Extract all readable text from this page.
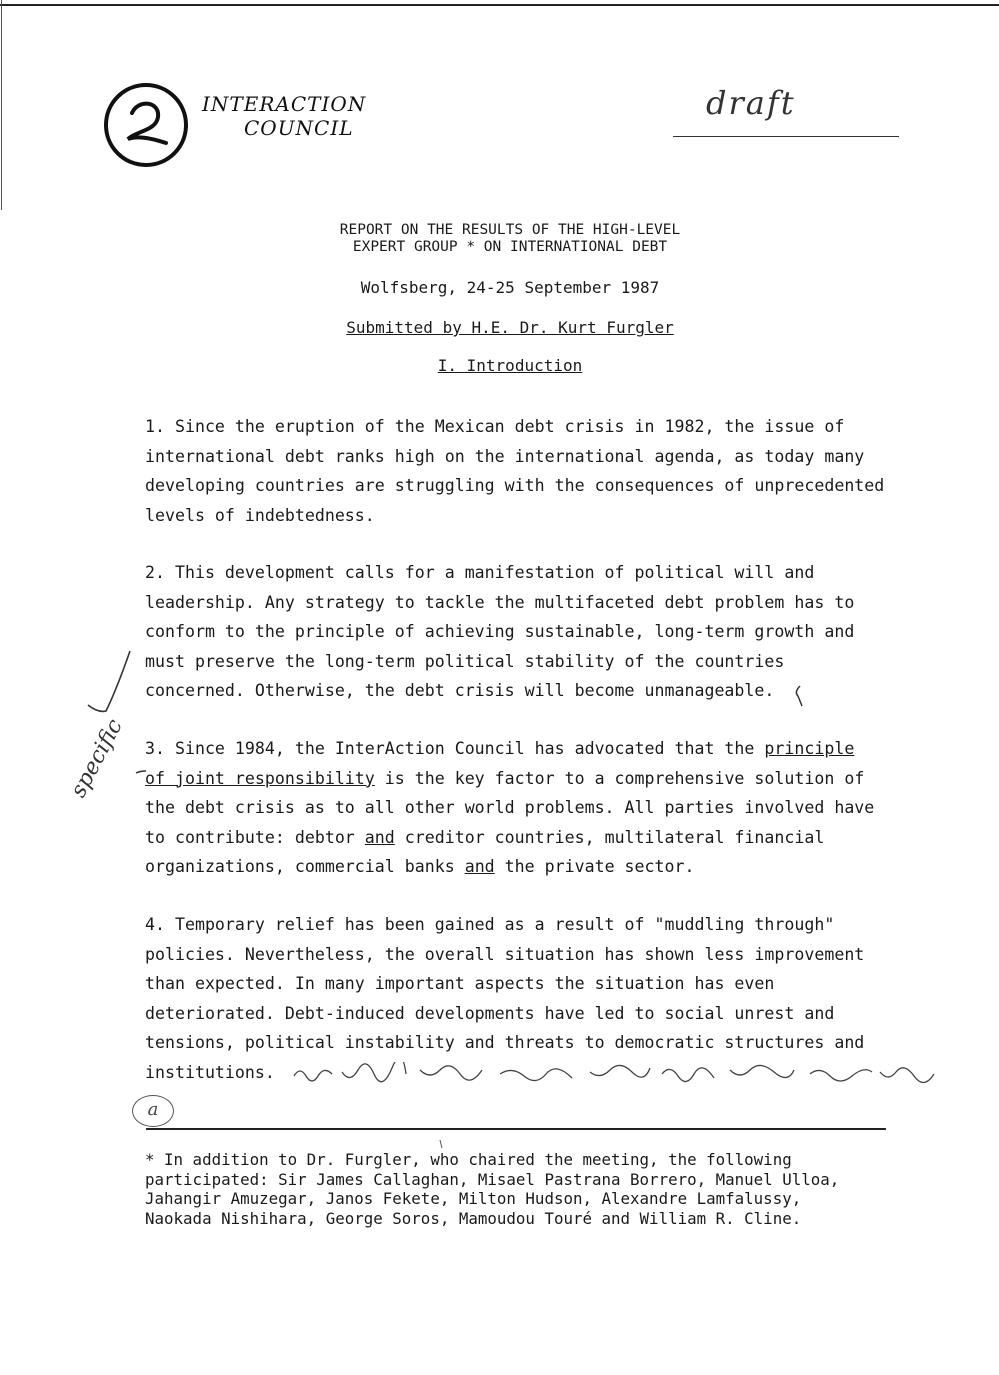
INTERACTION
COUNCIL
draft
REPORT ON THE RESULTS OF THE HIGH-LEVEL
EXPERT GROUP * ON INTERNATIONAL DEBT
Wolfsberg, 24-25 September 1987
Submitted by H.E. Dr. Kurt Furgler
I. Introduction
1. Since the eruption of the Mexican debt crisis in 1982, the issue of
international debt ranks high on the international agenda, as today many
developing countries are struggling with the consequences of unprecedented
levels of indebtedness.
2. This development calls for a manifestation of political will and
leadership. Any strategy to tackle the multifaceted debt problem has to
conform to the principle of achieving sustainable, long-term growth and
must preserve the long-term political stability of the countries
concerned. Otherwise, the debt crisis will become unmanageable.
3. Since 1984, the InterAction Council has advocated that the principle
of joint responsibility is the key factor to a comprehensive solution of
the debt crisis as to all other world problems. All parties involved have
to contribute: debtor and creditor countries, multilateral financial
organizations, commercial banks and the private sector.
4. Temporary relief has been gained as a result of "muddling through"
policies. Nevertheless, the overall situation has shown less improvement
than expected. In many important aspects the situation has even
deteriorated. Debt-induced developments have led to social unrest and
tensions, political instability and threats to democratic structures and
institutions.
a
specific
* In addition to Dr. Furgler, who chaired the meeting, the following
participated: Sir James Callaghan, Misael Pastrana Borrero, Manuel Ulloa,
Jahangir Amuzegar, Janos Fekete, Milton Hudson, Alexandre Lamfalussy,
Naokada Nishihara, George Soros, Mamoudou Touré and William R. Cline.
